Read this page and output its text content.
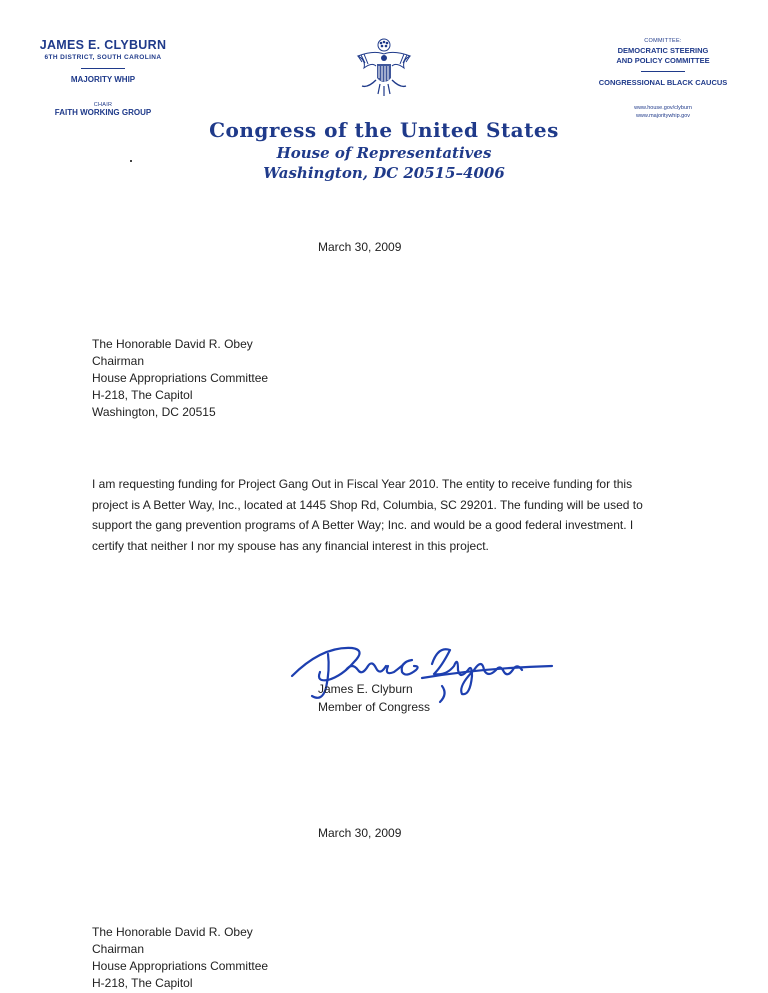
JAMES E. CLYBURN
6TH DISTRICT, SOUTH CAROLINA
MAJORITY WHIP
CHAIR
FAITH WORKING GROUP
COMMITTEE:
DEMOCRATIC STEERING
AND POLICY COMMITTEE
CONGRESSIONAL BLACK CAUCUS
www.house.gov/clyburn
www.majoritywhip.gov
Congress of the United States
House of Representatives
Washington, DC 20515–4006
March 30, 2009
The Honorable David R. Obey
Chairman
House Appropriations Committee
H-218, The Capitol
Washington, DC 20515
I am requesting funding for Project Gang Out in Fiscal Year 2010. The entity to receive funding for this
project is A Better Way, Inc., located at 1445 Shop Rd, Columbia, SC 29201. The funding will be used to
support the gang prevention programs of A Better Way; Inc. and would be a good federal investment. I
certify that neither I nor my spouse has any financial interest in this project.
James E. Clyburn
Member of Congress
March 30, 2009
The Honorable David R. Obey
Chairman
House Appropriations Committee
H-218, The Capitol
